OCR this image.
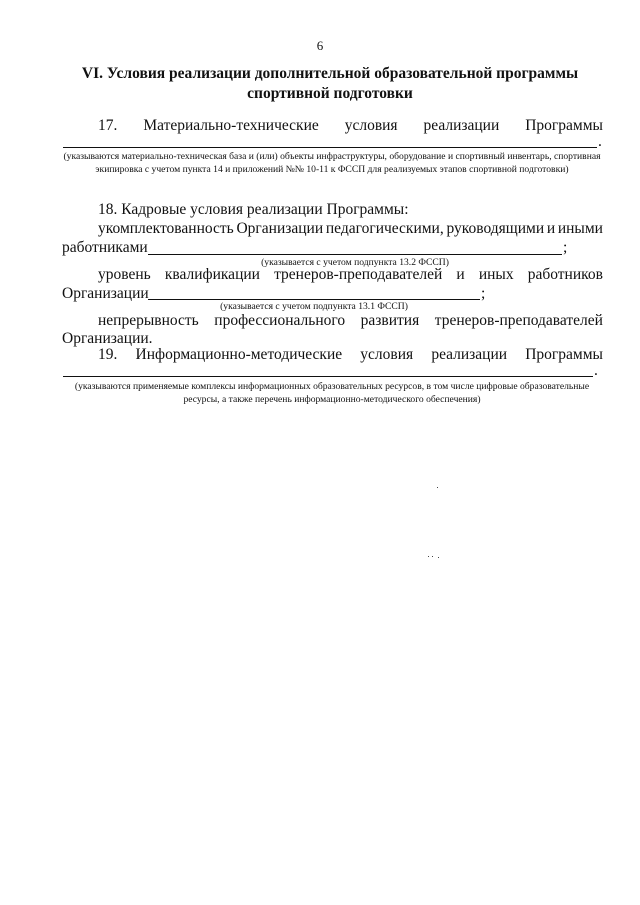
6
VI. Условия реализации дополнительной образовательной программы спортивной подготовки
17. Материально-технические условия реализации Программы
.
(указываются материально-техническая база и (или) объекты инфраструктуры, оборудование и спортивный инвентарь, спортивная экипировка с учетом пункта 14 и приложений №№ 10-11 к ФССП для реализуемых этапов спортивной подготовки)
18. Кадровые условия реализации Программы:
укомплектованность Организации педагогическими, руководящими и иными
работниками	;
(указывается с учетом подпункта 13.2 ФССП)
уровень квалификации тренеров-преподавателей и иных работников
Организации	;
(указывается с учетом подпункта 13.1 ФССП)
непрерывность профессионального развития тренеров-преподавателей
Организации.
19. Информационно-методические условия реализации Программы
.
(указываются применяемые комплексы информационных образовательных ресурсов, в том числе цифровые образовательные ресурсы, а также перечень информационно-методического обеспечения)
